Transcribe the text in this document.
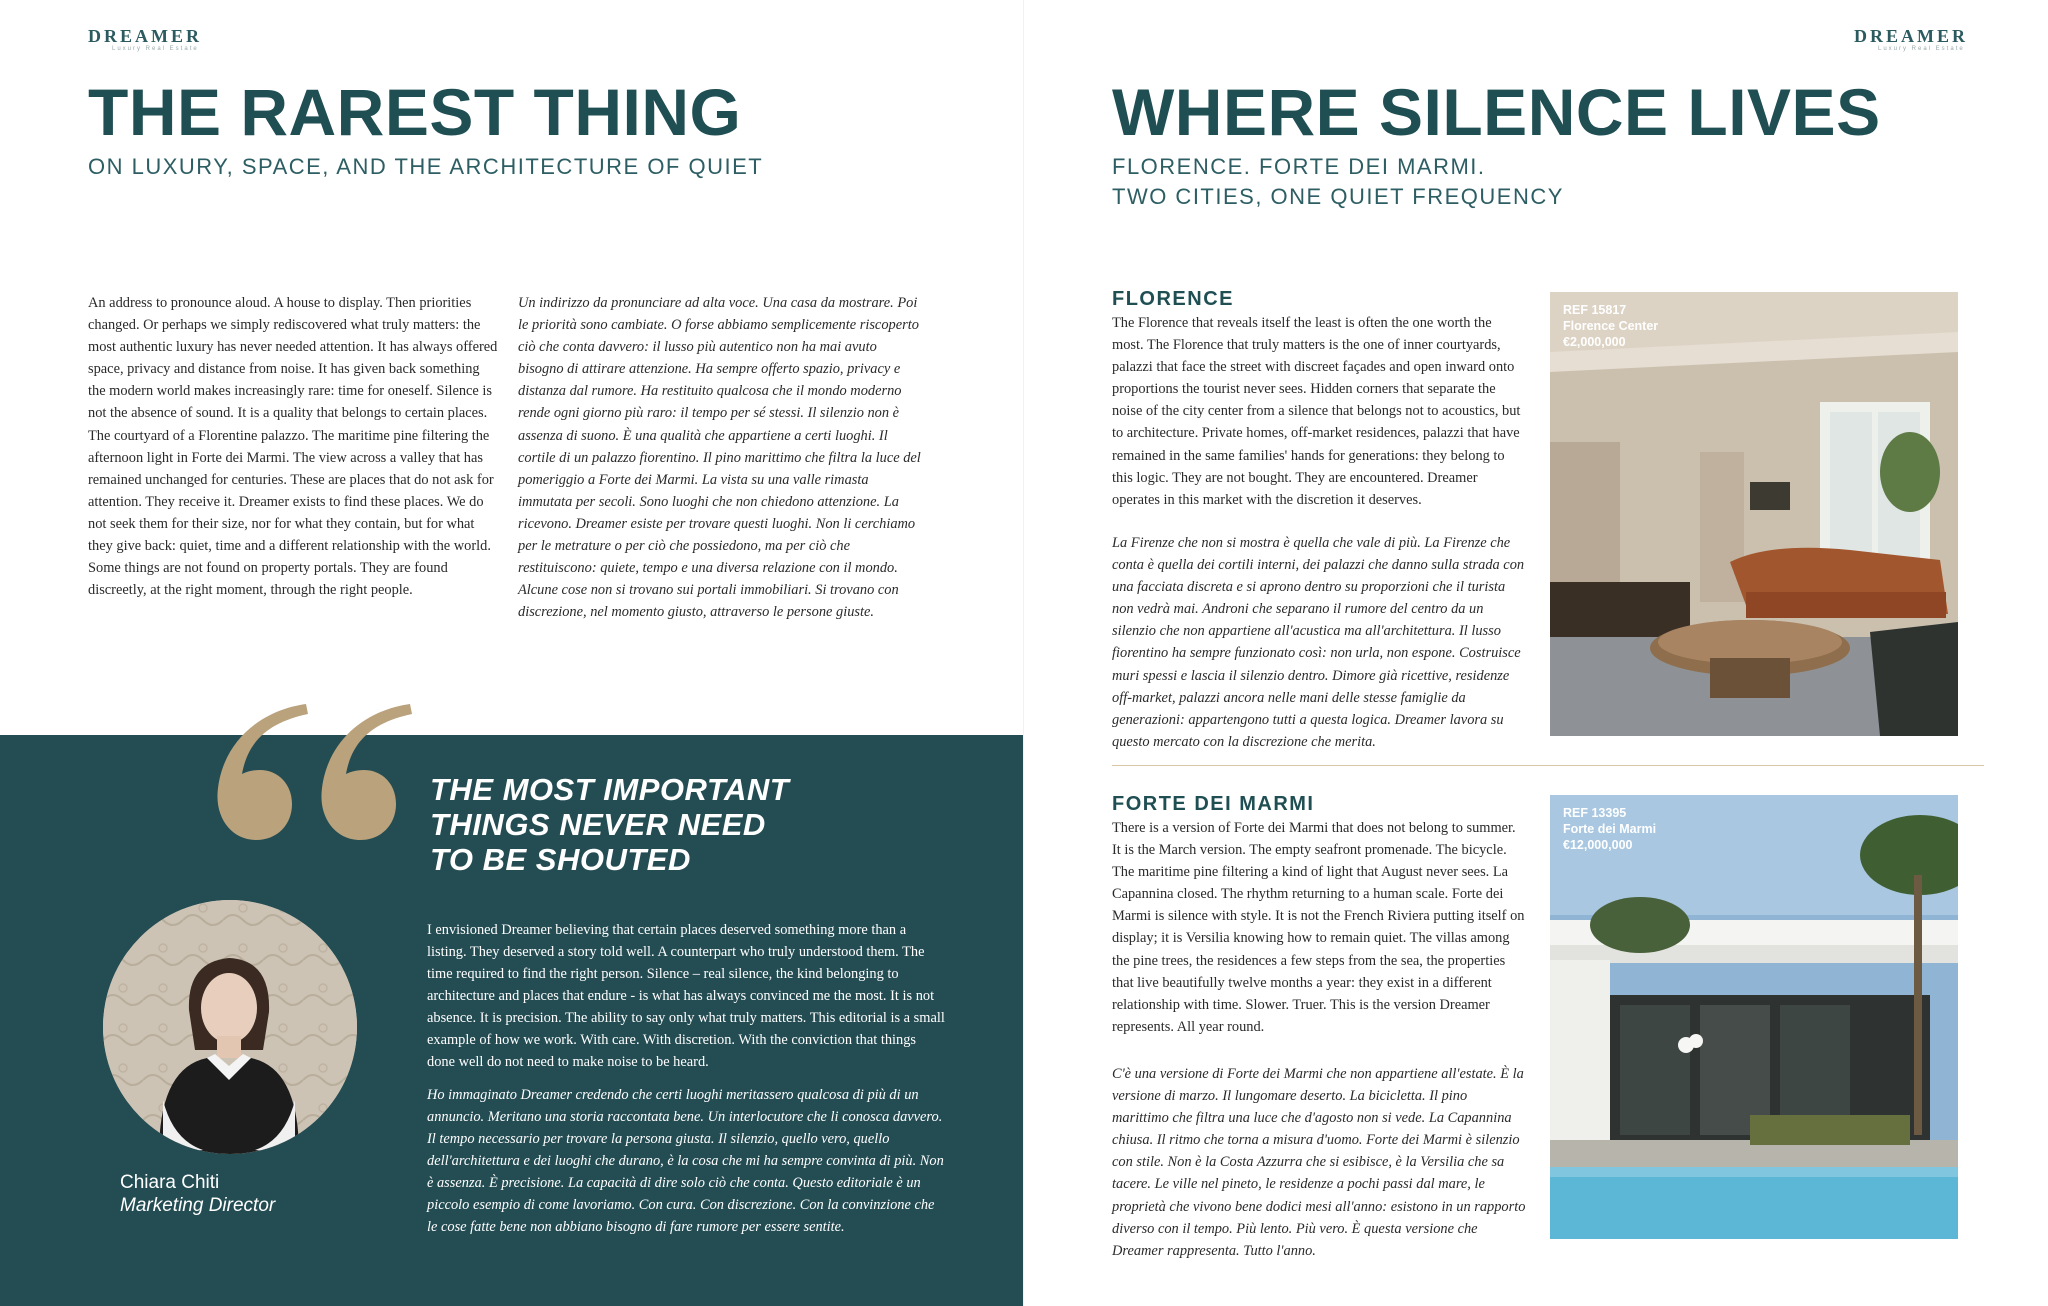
DREAMER
Luxury Real Estate
THE RAREST THING
ON LUXURY, SPACE, AND THE ARCHITECTURE OF QUIET
An address to pronounce aloud. A house to display. Then priorities changed. Or perhaps we simply rediscovered what truly matters: the most authentic luxury has never needed attention. It has always offered space, privacy and distance from noise. It has given back something the modern world makes increasingly rare: time for oneself. Silence is not the absence of sound. It is a quality that belongs to certain places. The courtyard of a Florentine palazzo. The maritime pine filtering the afternoon light in Forte dei Marmi. The view across a valley that has remained unchanged for centuries. These are places that do not ask for attention. They receive it. Dreamer exists to find these places. We do not seek them for their size, nor for what they contain, but for what they give back: quiet, time and a different relationship with the world. Some things are not found on property portals. They are found discreetly, at the right moment, through the right people.
Un indirizzo da pronunciare ad alta voce. Una casa da mostrare. Poi le priorità sono cambiate. O forse abbiamo semplicemente riscoperto ciò che conta davvero: il lusso più autentico non ha mai avuto bisogno di attirare attenzione. Ha sempre offerto spazio, privacy e distanza dal rumore. Ha restituito qualcosa che il mondo moderno rende ogni giorno più raro: il tempo per sé stessi. Il silenzio non è assenza di suono. È una qualità che appartiene a certi luoghi. Il cortile di un palazzo fiorentino. Il pino marittimo che filtra la luce del pomeriggio a Forte dei Marmi. La vista su una valle rimasta immutata per secoli. Sono luoghi che non chiedono attenzione. La ricevono. Dreamer esiste per trovare questi luoghi. Non li cerchiamo per le metrature o per ciò che possiedono, ma per ciò che restituiscono: quiete, tempo e una diversa relazione con il mondo. Alcune cose non si trovano sui portali immobiliari. Si trovano con discrezione, nel momento giusto, attraverso le persone giuste.
THE MOST IMPORTANT
THINGS NEVER NEED
TO BE SHOUTED
I envisioned Dreamer believing that certain places deserved something more than a listing. They deserved a story told well. A counterpart who truly understood them. The time required to find the right person. Silence – real silence, the kind belonging to architecture and places that endure - is what has always convinced me the most. It is not absence. It is precision. The ability to say only what truly matters. This editorial is a small example of how we work. With care. With discretion. With the conviction that things done well do not need to make noise to be heard.
Ho immaginato Dreamer credendo che certi luoghi meritassero qualcosa di più di un annuncio. Meritano una storia raccontata bene. Un interlocutore che li conosca davvero. Il tempo necessario per trovare la persona giusta. Il silenzio, quello vero, quello dell'architettura e dei luoghi che durano, è la cosa che mi ha sempre convinta di più. Non è assenza. È precisione. La capacità di dire solo ciò che conta. Questo editoriale è un piccolo esempio di come lavoriamo. Con cura. Con discrezione. Con la convinzione che le cose fatte bene non abbiano bisogno di fare rumore per essere sentite.
Chiara Chiti
Marketing Director
DREAMER
Luxury Real Estate
WHERE SILENCE LIVES
FLORENCE. FORTE DEI MARMI.
TWO CITIES, ONE QUIET FREQUENCY
FLORENCE
The Florence that reveals itself the least is often the one worth the most. The Florence that truly matters is the one of inner courtyards, palazzi that face the street with discreet façades and open inward onto proportions the tourist never sees. Hidden corners that separate the noise of the city center from a silence that belongs not to acoustics, but to architecture. Private homes, off-market residences, palazzi that have remained in the same families' hands for generations: they belong to this logic. They are not bought. They are encountered. Dreamer operates in this market with the discretion it deserves.
La Firenze che non si mostra è quella che vale di più. La Firenze che conta è quella dei cortili interni, dei palazzi che danno sulla strada con una facciata discreta e si aprono dentro su proporzioni che il turista non vedrà mai. Androni che separano il rumore del centro da un silenzio che non appartiene all'acustica ma all'architettura. Il lusso fiorentino ha sempre funzionato così: non urla, non espone. Costruisce muri spessi e lascia il silenzio dentro. Dimore già ricettive, residenze off-market, palazzi ancora nelle mani delle stesse famiglie da generazioni: appartengono tutti a questa logica. Dreamer lavora su questo mercato con la discrezione che merita.
REF 15817
Florence Center
€2,000,000
FORTE DEI MARMI
There is a version of Forte dei Marmi that does not belong to summer. It is the March version. The empty seafront promenade. The bicycle. The maritime pine filtering a kind of light that August never sees. La Capannina closed. The rhythm returning to a human scale. Forte dei Marmi is silence with style. It is not the French Riviera putting itself on display; it is Versilia knowing how to remain quiet. The villas among the pine trees, the residences a few steps from the sea, the properties that live beautifully twelve months a year: they exist in a different relationship with time. Slower. Truer. This is the version Dreamer represents. All year round.
C'è una versione di Forte dei Marmi che non appartiene all'estate. È la versione di marzo. Il lungomare deserto. La bicicletta. Il pino marittimo che filtra una luce che d'agosto non si vede. La Capannina chiusa. Il ritmo che torna a misura d'uomo. Forte dei Marmi è silenzio con stile. Non è la Costa Azzurra che si esibisce, è la Versilia che sa tacere. Le ville nel pineto, le residenze a pochi passi dal mare, le proprietà che vivono bene dodici mesi all'anno: esistono in un rapporto diverso con il tempo. Più lento. Più vero. È questa versione che Dreamer rappresenta. Tutto l'anno.
REF 13395
Forte dei Marmi
€12,000,000
